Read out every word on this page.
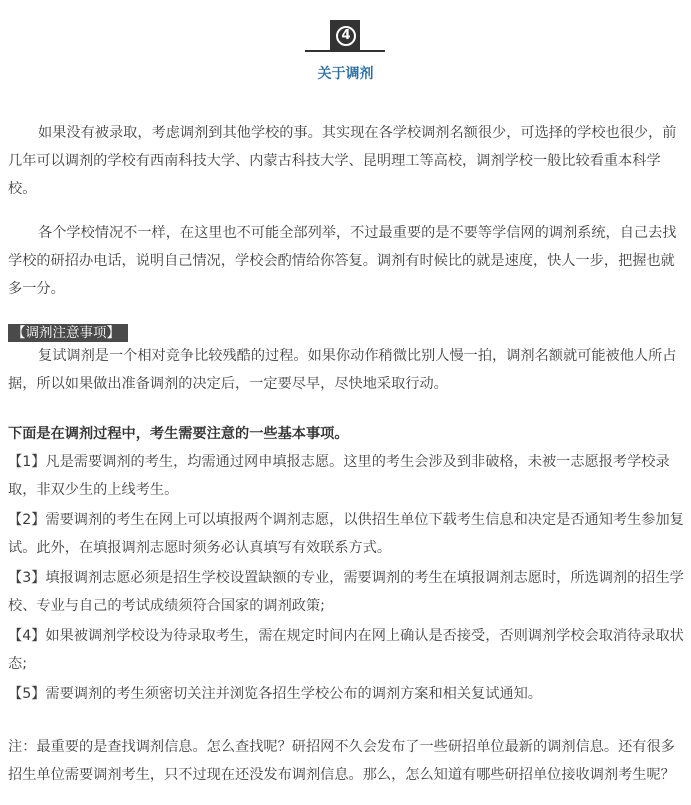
4
关于调剂

如果没有被录取，考虑调剂到其他学校的事。其实现在各学校调剂名额很少，可选择的学校也很少，前几年可以调剂的学校有西南科技大学、内蒙古科技大学、昆明理工等高校，调剂学校一般比较看重本科学校。

各个学校情况不一样，在这里也不可能全部列举，不过最重要的是不要等学信网的调剂系统，自己去找学校的研招办电话，说明自己情况，学校会酌情给你答复。调剂有时候比的就是速度，快人一步，把握也就多一分。

【调剂注意事项】

复试调剂是一个相对竞争比较残酷的过程。如果你动作稍微比别人慢一拍，调剂名额就可能被他人所占据，所以如果做出准备调剂的决定后，一定要尽早，尽快地采取行动。

下面是在调剂过程中，考生需要注意的一些基本事项。

【1】凡是需要调剂的考生，均需通过网申填报志愿。这里的考生会涉及到非破格，未被一志愿报考学校录取，非双少生的上线考生。

【2】需要调剂的考生在网上可以填报两个调剂志愿，以供招生单位下载考生信息和决定是否通知考生参加复试。此外，在填报调剂志愿时须务必认真填写有效联系方式。

【3】填报调剂志愿必须是招生学校设置缺额的专业，需要调剂的考生在填报调剂志愿时，所选调剂的招生学校、专业与自己的考试成绩须符合国家的调剂政策;

【4】如果被调剂学校设为待录取考生，需在规定时间内在网上确认是否接受，否则调剂学校会取消待录取状态;

【5】需要调剂的考生须密切关注并浏览各招生学校公布的调剂方案和相关复试通知。

注：最重要的是查找调剂信息。怎么查找呢？研招网不久会发布了一些研招单位最新的调剂信息。还有很多招生单位需要调剂考生，只不过现在还没发布调剂信息。那么，怎么知道有哪些研招单位接收调剂考生呢？
